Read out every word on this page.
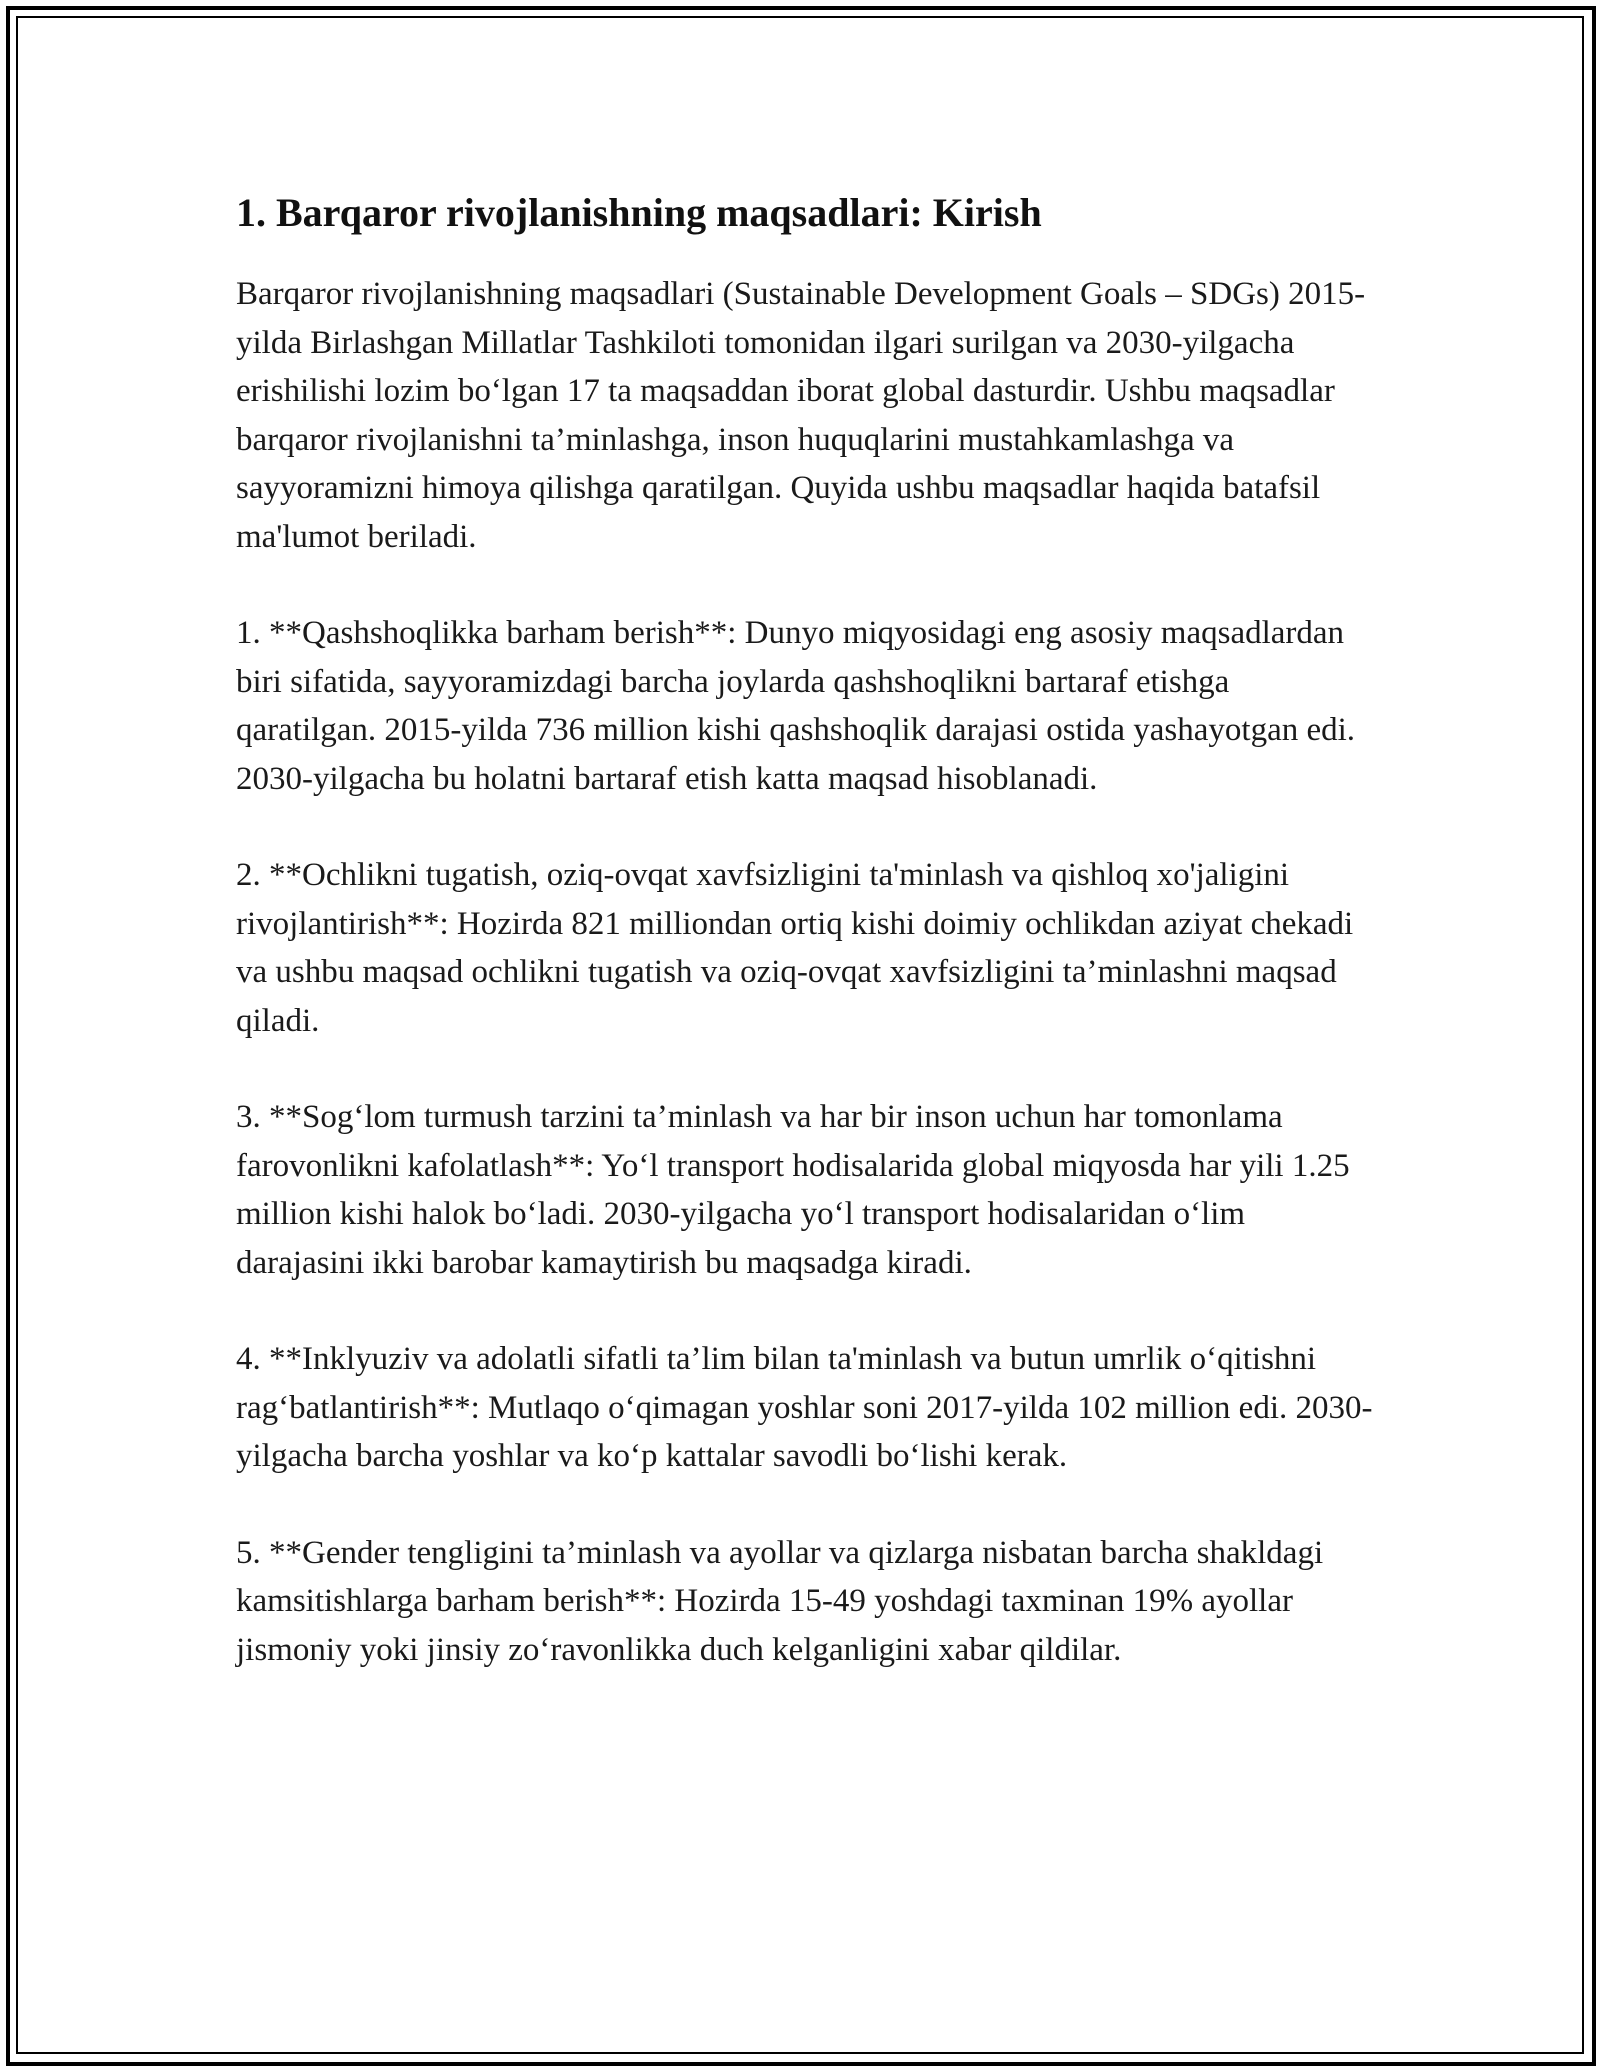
1. Barqaror rivojlanishning maqsadlari: Kirish

Barqaror rivojlanishning maqsadlari (Sustainable Development Goals – SDGs) 2015-yilda Birlashgan Millatlar Tashkiloti tomonidan ilgari surilgan va 2030-yilgacha erishilishi lozim bo‘lgan 17 ta maqsaddan iborat global dasturdir. Ushbu maqsadlar barqaror rivojlanishni ta’minlashga, inson huquqlarini mustahkamlashga va sayyoramizni himoya qilishga qaratilgan. Quyida ushbu maqsadlar haqida batafsil ma'lumot beriladi.

1. **Qashshoqlikka barham berish**: Dunyo miqyosidagi eng asosiy maqsadlardan biri sifatida, sayyoramizdagi barcha joylarda qashshoqlikni bartaraf etishga qaratilgan. 2015-yilda 736 million kishi qashshoqlik darajasi ostida yashayotgan edi. 2030-yilgacha bu holatni bartaraf etish katta maqsad hisoblanadi.

2. **Ochlikni tugatish, oziq-ovqat xavfsizligini ta'minlash va qishloq xo'jaligini rivojlantirish**: Hozirda 821 milliondan ortiq kishi doimiy ochlikdan aziyat chekadi va ushbu maqsad ochlikni tugatish va oziq-ovqat xavfsizligini ta’minlashni maqsad qiladi.

3. **Sog‘lom turmush tarzini ta’minlash va har bir inson uchun har tomonlama farovonlikni kafolatlash**: Yo‘l transport hodisalarida global miqyosda har yili 1.25 million kishi halok bo‘ladi. 2030-yilgacha yo‘l transport hodisalaridan o‘lim darajasini ikki barobar kamaytirish bu maqsadga kiradi.

4. **Inklyuziv va adolatli sifatli ta’lim bilan ta'minlash va butun umrlik o‘qitishni rag‘batlantirish**: Mutlaqo o‘qimagan yoshlar soni 2017-yilda 102 million edi. 2030-yilgacha barcha yoshlar va ko‘p kattalar savodli bo‘lishi kerak.

5. **Gender tengligini ta’minlash va ayollar va qizlarga nisbatan barcha shakldagi kamsitishlarga barham berish**: Hozirda 15-49 yoshdagi taxminan 19% ayollar jismoniy yoki jinsiy zo‘ravonlikka duch kelganligini xabar qildilar.
